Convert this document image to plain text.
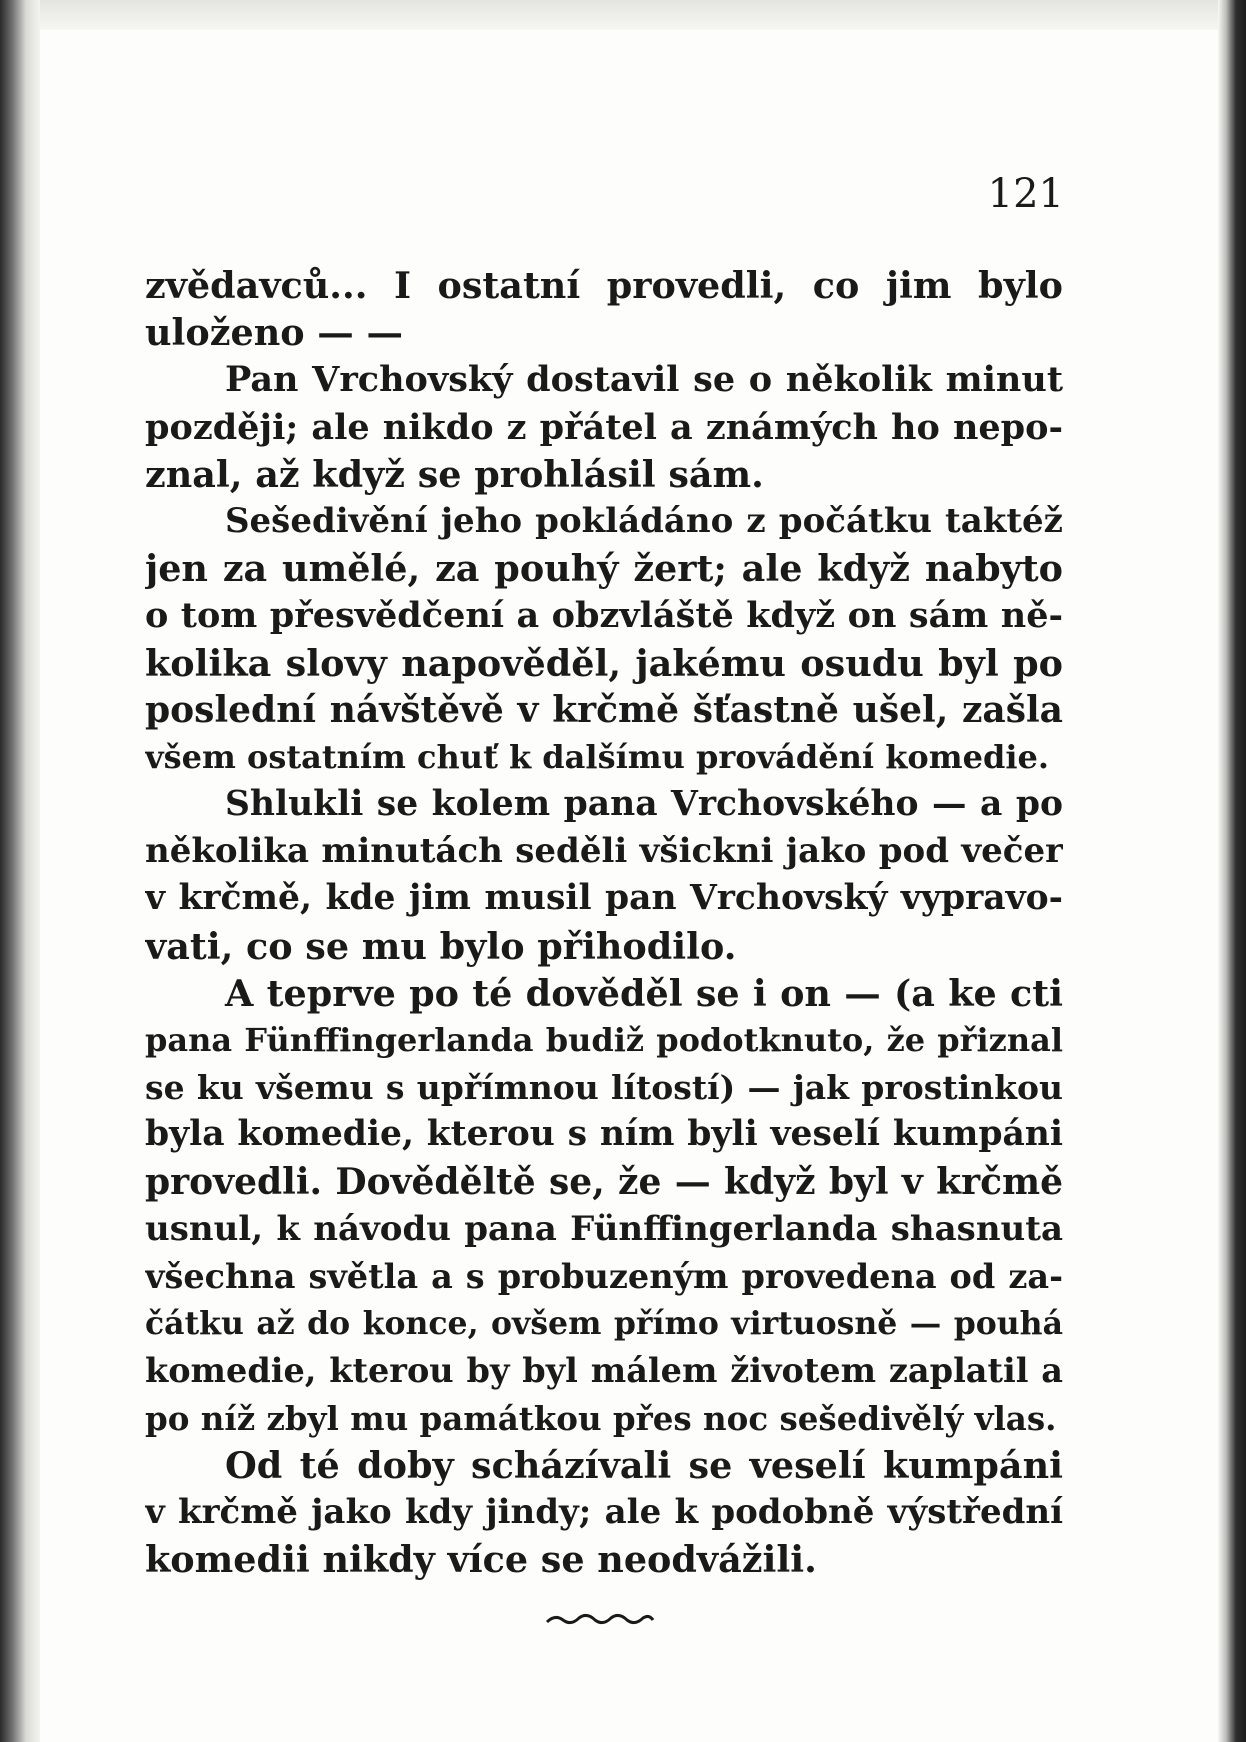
121
zvědavců... I ostatní provedli, co jim bylo
uloženo — —
Pan Vrchovský dostavil se o několik minut
později; ale nikdo z přátel a známých ho nepo-
znal, až když se prohlásil sám.
Sešedivění jeho pokládáno z počátku taktéž
jen za umělé, za pouhý žert; ale když nabyto
o tom přesvědčení a obzvláště když on sám ně-
kolika slovy napověděl, jakému osudu byl po
poslední návštěvě v krčmě šťastně ušel, zašla
všem ostatním chuť k dalšímu provádění komedie.
Shlukli se kolem pana Vrchovského — a po
několika minutách seděli všickni jako pod večer
v krčmě, kde jim musil pan Vrchovský vypravo-
vati, co se mu bylo přihodilo.
A teprve po té dověděl se i on — (a ke cti
pana Fünffingerlanda budiž podotknuto, že přiznal
se ku všemu s upřímnou lítostí) — jak prostinkou
byla komedie, kterou s ním byli veselí kumpáni
provedli. Dověděltě se, že — když byl v krčmě
usnul, k návodu pana Fünffingerlanda shasnuta
všechna světla a s probuzeným provedena od za-
čátku až do konce, ovšem přímo virtuosně — pouhá
komedie, kterou by byl málem životem zaplatil a
po níž zbyl mu památkou přes noc sešedivělý vlas.
Od té doby scházívali se veselí kumpáni
v krčmě jako kdy jindy; ale k podobně výstřední
komedii nikdy více se neodvážili.
